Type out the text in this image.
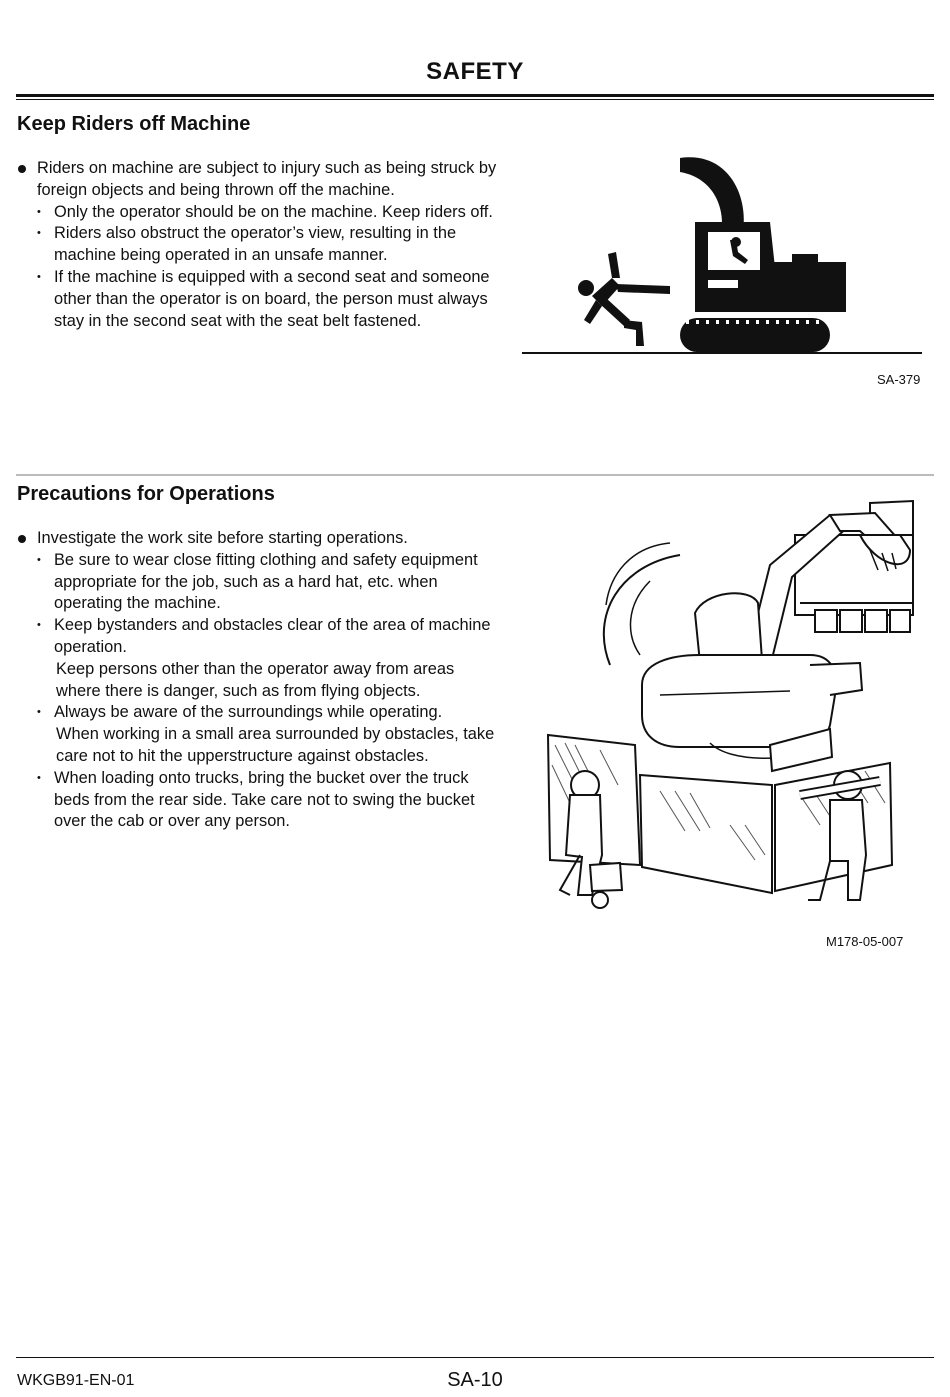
SAFETY
Keep Riders off Machine
Riders on machine are subject to injury such as being struck by foreign objects and being thrown off the machine.
• Only the operator should be on the machine. Keep riders off.
• Riders also obstruct the operator’s view, resulting in the machine being operated in an unsafe manner.
• If the machine is equipped with a second seat and someone other than the operator is on board, the person must always stay in the second seat with the seat belt fastened.
SA-379
Precautions for Operations
Investigate the work site before starting operations.
• Be sure to wear close fitting clothing and safety equipment appropriate for the job, such as a hard hat, etc. when operating the machine.
• Keep bystanders and obstacles clear of the area of machine operation.
Keep persons other than the operator away from areas where there is danger, such as from flying objects.
• Always be aware of the surroundings while operating.
When working in a small area surrounded by obstacles, take care not to hit the upperstructure against obstacles.
• When loading onto trucks, bring the bucket over the truck beds from the rear side. Take care not to swing the bucket over the cab or over any person.
M178-05-007
WKGB91-EN-01	SA-10
